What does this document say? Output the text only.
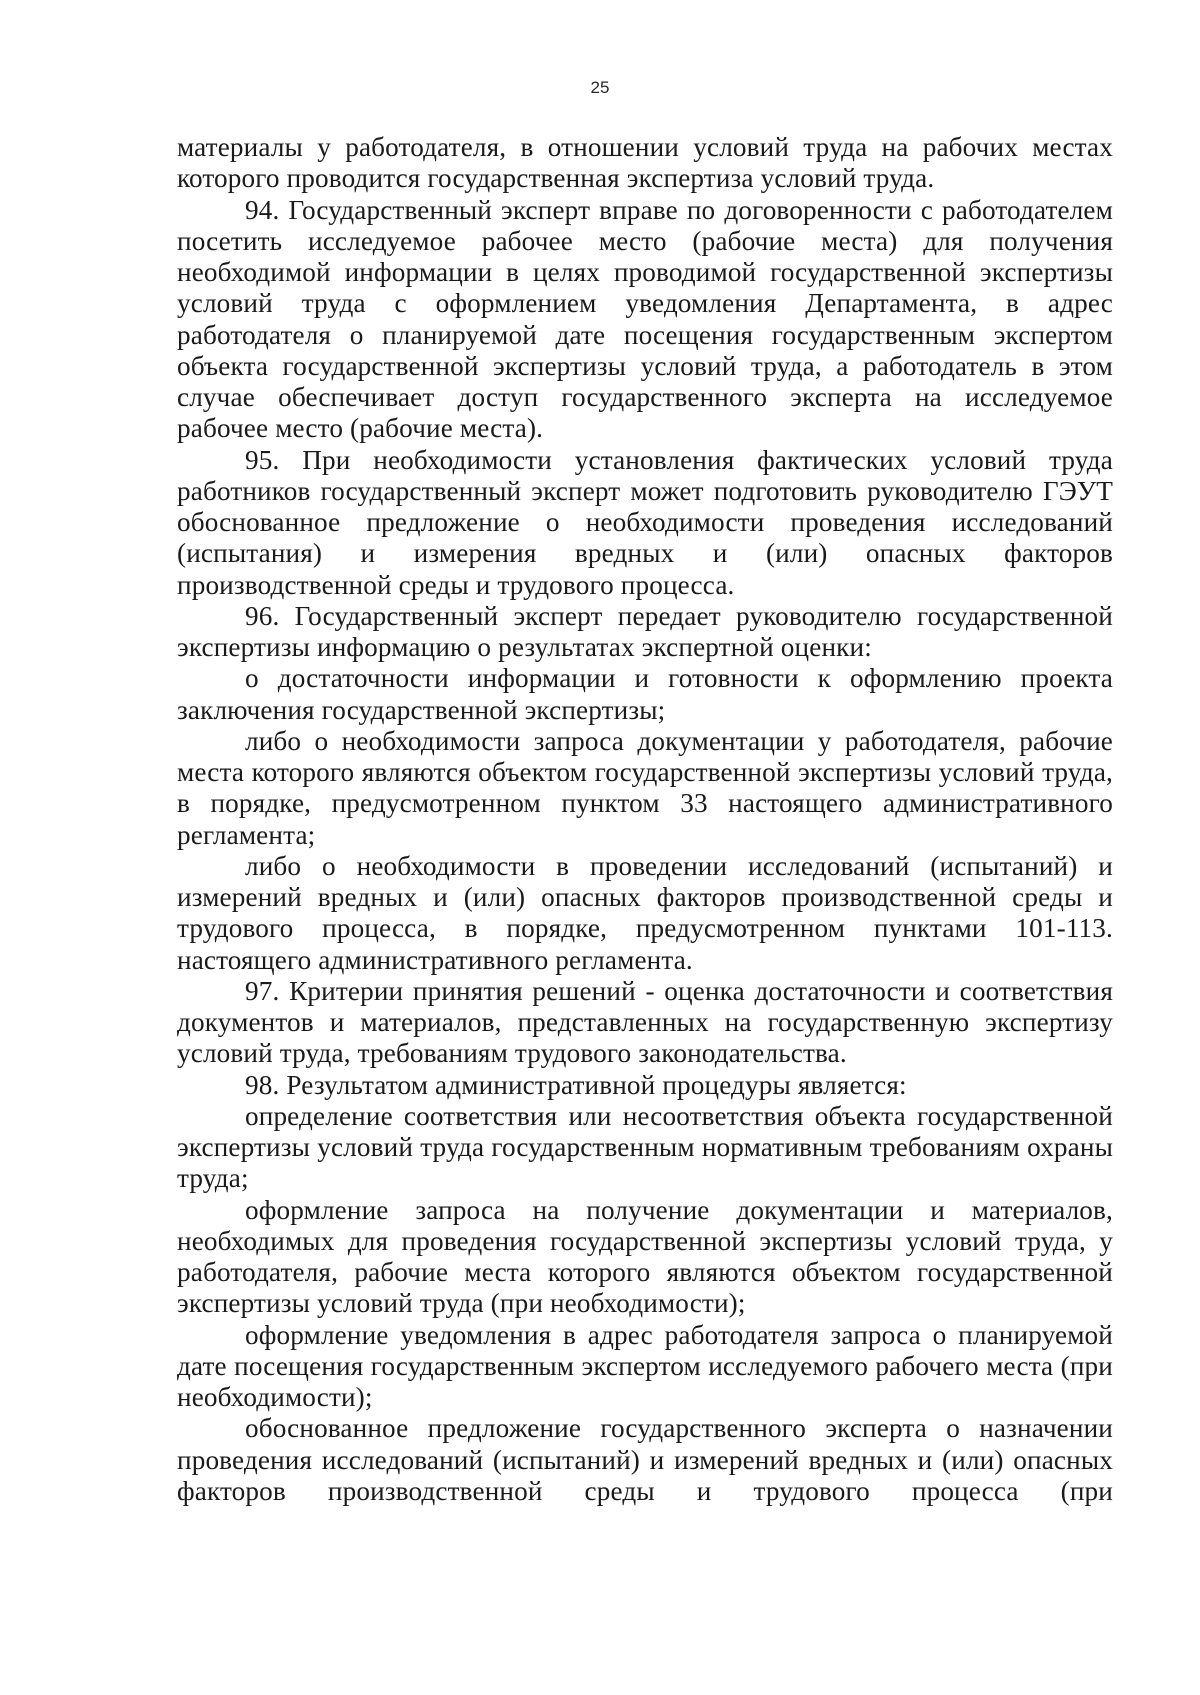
25

материалы у работодателя, в отношении условий труда на рабочих местах которого проводится государственная экспертиза условий труда.

94. Государственный эксперт вправе по договоренности с работодателем посетить исследуемое рабочее место (рабочие места) для получения необходимой информации в целях проводимой государственной экспертизы условий труда с оформлением уведомления Департамента, в адрес работодателя о планируемой дате посещения государственным экспертом объекта государственной экспертизы условий труда, а работодатель в этом случае обеспечивает доступ государственного эксперта на исследуемое рабочее место (рабочие места).

95. При необходимости установления фактических условий труда работников государственный эксперт может подготовить руководителю ГЭУТ обоснованное предложение о необходимости проведения исследований (испытания) и измерения вредных и (или) опасных факторов производственной среды и трудового процесса.

96. Государственный эксперт передает руководителю государственной экспертизы информацию о результатах экспертной оценки:

о достаточности информации и готовности к оформлению проекта заключения государственной экспертизы;

либо о необходимости запроса документации у работодателя, рабочие места которого являются объектом государственной экспертизы условий труда, в порядке, предусмотренном пунктом 33 настоящего административного регламента;

либо о необходимости в проведении исследований (испытаний) и измерений вредных и (или) опасных факторов производственной среды и трудового процесса, в порядке, предусмотренном пунктами 101-113. настоящего административного регламента.

97. Критерии принятия решений - оценка достаточности и соответствия документов и материалов, представленных на государственную экспертизу условий труда, требованиям трудового законодательства.

98. Результатом административной процедуры является:

определение соответствия или несоответствия объекта государственной экспертизы условий труда государственным нормативным требованиям охраны труда;

оформление запроса на получение документации и материалов, необходимых для проведения государственной экспертизы условий труда, у работодателя, рабочие места которого являются объектом государственной экспертизы условий труда (при необходимости);

оформление уведомления в адрес работодателя запроса о планируемой дате посещения государственным экспертом исследуемого рабочего места (при необходимости);

обоснованное предложение государственного эксперта о назначении проведения исследований (испытаний) и измерений вредных и (или) опасных факторов производственной среды и трудового процесса (при
